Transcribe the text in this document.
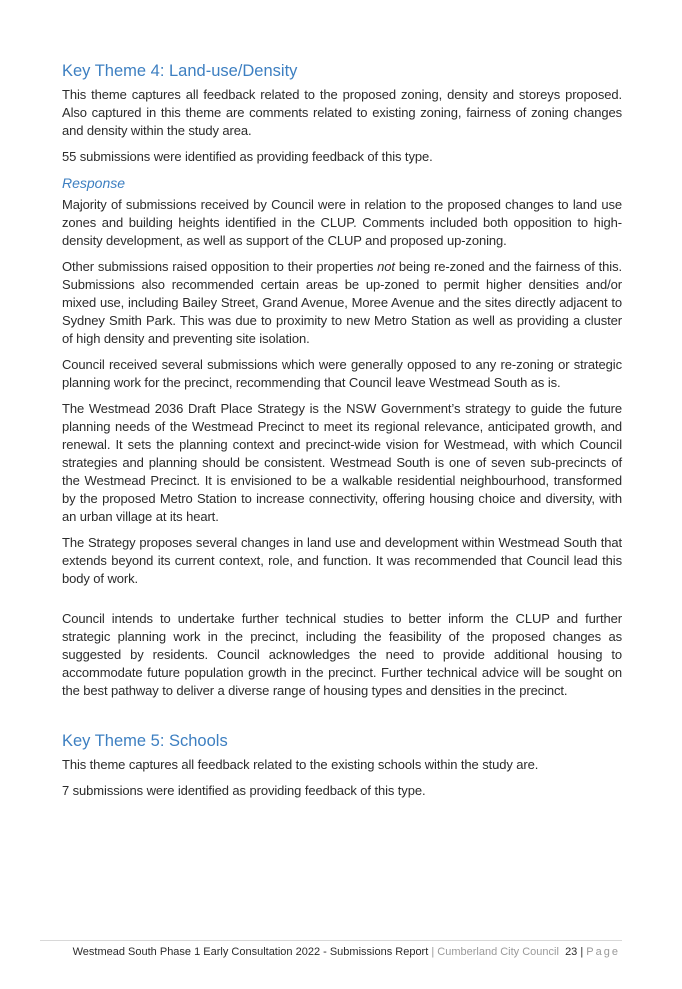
Key Theme 4: Land-use/Density

This theme captures all feedback related to the proposed zoning, density and storeys proposed. Also captured in this theme are comments related to existing zoning, fairness of zoning changes and density within the study area.

55 submissions were identified as providing feedback of this type.

Response

Majority of submissions received by Council were in relation to the proposed changes to land use zones and building heights identified in the CLUP. Comments included both opposition to high-density development, as well as support of the CLUP and proposed up-zoning.

Other submissions raised opposition to their properties not being re-zoned and the fairness of this. Submissions also recommended certain areas be up-zoned to permit higher densities and/or mixed use, including Bailey Street, Grand Avenue, Moree Avenue and the sites directly adjacent to Sydney Smith Park. This was due to proximity to new Metro Station as well as providing a cluster of high density and preventing site isolation.

Council received several submissions which were generally opposed to any re-zoning or strategic planning work for the precinct, recommending that Council leave Westmead South as is.

The Westmead 2036 Draft Place Strategy is the NSW Government’s strategy to guide the future planning needs of the Westmead Precinct to meet its regional relevance, anticipated growth, and renewal. It sets the planning context and precinct-wide vision for Westmead, with which Council strategies and planning should be consistent. Westmead South is one of seven sub-precincts of the Westmead Precinct. It is envisioned to be a walkable residential neighbourhood, transformed by the proposed Metro Station to increase connectivity, offering housing choice and diversity, with an urban village at its heart.

The Strategy proposes several changes in land use and development within Westmead South that extends beyond its current context, role, and function. It was recommended that Council lead this body of work.

Council intends to undertake further technical studies to better inform the CLUP and further strategic planning work in the precinct, including the feasibility of the proposed changes as suggested by residents. Council acknowledges the need to provide additional housing to accommodate future population growth in the precinct. Further technical advice will be sought on the best pathway to deliver a diverse range of housing types and densities in the precinct.

Key Theme 5: Schools

This theme captures all feedback related to the existing schools within the study are.

7 submissions were identified as providing feedback of this type.

Westmead South Phase 1 Early Consultation 2022 - Submissions Report | Cumberland City Council 23 | Page
